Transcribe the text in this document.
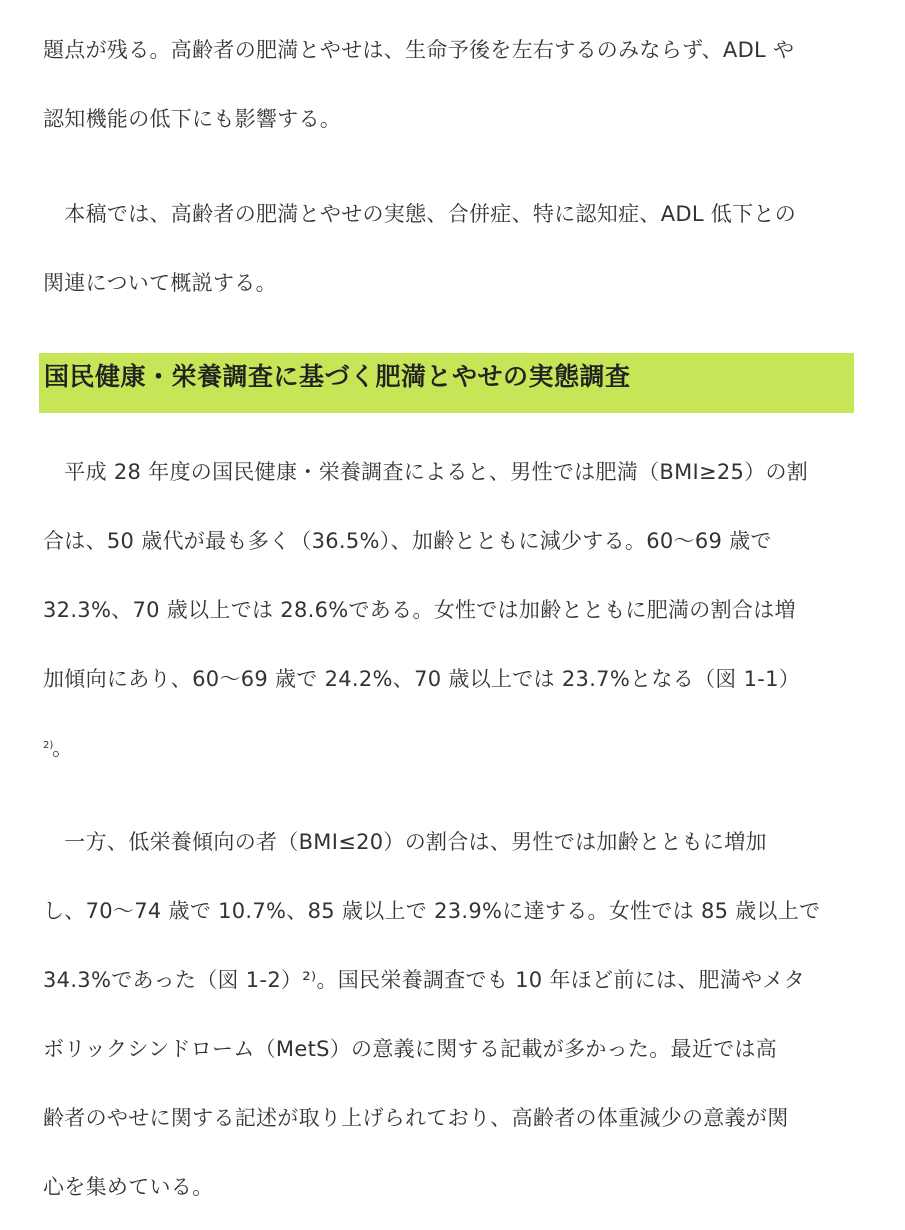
題点が残る。高齢者の肥満とやせは、生命予後を左右するのみならず、ADL や
認知機能の低下にも影響する。
　本稿では、高齢者の肥満とやせの実態、合併症、特に認知症、ADL 低下との
関連について概説する。
国民健康・栄養調査に基づく肥満とやせの実態調査
　平成 28 年度の国民健康・栄養調査によると、男性では肥満（BMI≥25）の割
合は、50 歳代が最も多く（36.5%）、加齢とともに減少する。60〜69 歳で
32.3%、70 歳以上では 28.6%である。女性では加齢とともに肥満の割合は増
加傾向にあり、60〜69 歳で 24.2%、70 歳以上では 23.7%となる（図 1-1）
2)
。
　一方、低栄養傾向の者（BMI≤20）の割合は、男性では加齢とともに増加
し、70〜74 歳で 10.7%、85 歳以上で 23.9%に達する。女性では 85 歳以上で
34.3%であった（図 1-2）²⁾。国民栄養調査でも 10 年ほど前には、肥満やメタ
ボリックシンドローム（MetS）の意義に関する記載が多かった。最近では高
齢者のやせに関する記述が取り上げられており、高齢者の体重減少の意義が関
心を集めている。
